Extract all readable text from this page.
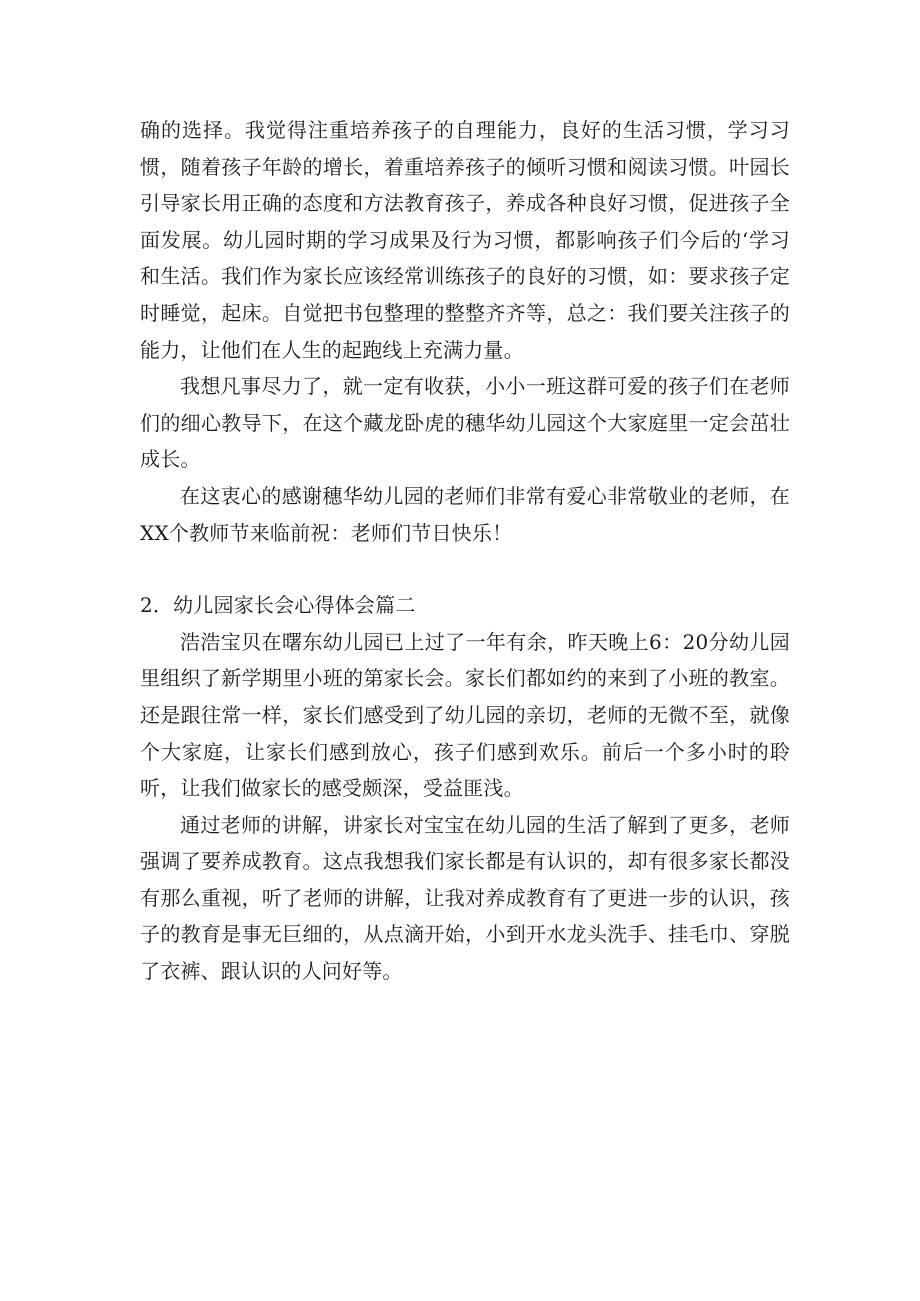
确的选择。我觉得注重培养孩子的自理能力，良好的生活习惯，学习习惯，随着孩子年龄的增长，着重培养孩子的倾听习惯和阅读习惯。叶园长引导家长用正确的态度和方法教育孩子，养成各种良好习惯，促进孩子全面发展。幼儿园时期的学习成果及行为习惯，都影响孩子们今后的‘学习和生活。我们作为家长应该经常训练孩子的良好的习惯，如：要求孩子定时睡觉，起床。自觉把书包整理的整整齐齐等，总之：我们要关注孩子的能力，让他们在人生的起跑线上充满力量。

我想凡事尽力了，就一定有收获，小小一班这群可爱的孩子们在老师们的细心教导下，在这个藏龙卧虎的穗华幼儿园这个大家庭里一定会茁壮成长。

在这衷心的感谢穗华幼儿园的老师们非常有爱心非常敬业的老师，在XX个教师节来临前祝：老师们节日快乐！

2．幼儿园家长会心得体会篇二

浩浩宝贝在曙东幼儿园已上过了一年有余，昨天晚上6：20分幼儿园里组织了新学期里小班的第家长会。家长们都如约的来到了小班的教室。还是跟往常一样，家长们感受到了幼儿园的亲切，老师的无微不至，就像个大家庭，让家长们感到放心，孩子们感到欢乐。前后一个多小时的聆听，让我们做家长的感受颇深，受益匪浅。

通过老师的讲解，讲家长对宝宝在幼儿园的生活了解到了更多，老师强调了要养成教育。这点我想我们家长都是有认识的，却有很多家长都没有那么重视，听了老师的讲解，让我对养成教育有了更进一步的认识，孩子的教育是事无巨细的，从点滴开始，小到开水龙头洗手、挂毛巾、穿脱了衣裤、跟认识的人问好等。
